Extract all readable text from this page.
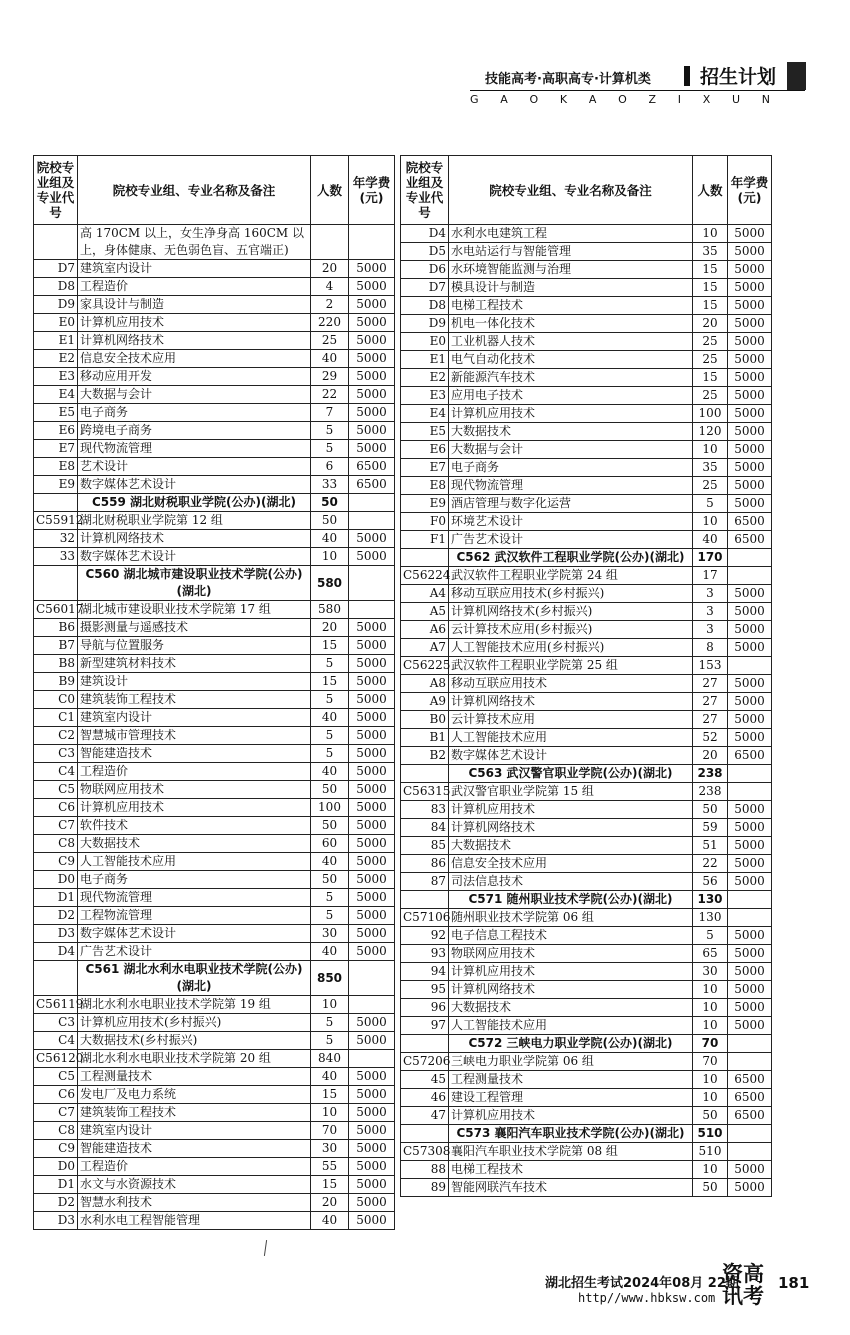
技能高考·高职高专·计算机类	招生计划
G A O K A O Z I X U N
院校专业组及专业代号	院校专业组、专业名称及备注	人数	年学费(元)
	高 170CM 以上，女生净身高 160CM 以上，身体健康、无色弱色盲、五官端正)		
D7	建筑室内设计	20	5000
D8	工程造价	4	5000
D9	家具设计与制造	2	5000
E0	计算机应用技术	220	5000
E1	计算机网络技术	25	5000
E2	信息安全技术应用	40	5000
E3	移动应用开发	29	5000
E4	大数据与会计	22	5000
E5	电子商务	7	5000
E6	跨境电子商务	5	5000
E7	现代物流管理	5	5000
E8	艺术设计	6	6500
E9	数字媒体艺术设计	33	6500
	C559 湖北财税职业学院(公办)(湖北)	50	
C55912	湖北财税职业学院第 12 组	50	
32	计算机网络技术	40	5000
33	数字媒体艺术设计	10	5000
	C560 湖北城市建设职业技术学院(公办)(湖北)	580	
C56017	湖北城市建设职业技术学院第 17 组	580	
B6	摄影测量与遥感技术	20	5000
B7	导航与位置服务	15	5000
B8	新型建筑材料技术	5	5000
B9	建筑设计	15	5000
C0	建筑装饰工程技术	5	5000
C1	建筑室内设计	40	5000
C2	智慧城市管理技术	5	5000
C3	智能建造技术	5	5000
C4	工程造价	40	5000
C5	物联网应用技术	50	5000
C6	计算机应用技术	100	5000
C7	软件技术	50	5000
C8	大数据技术	60	5000
C9	人工智能技术应用	40	5000
D0	电子商务	50	5000
D1	现代物流管理	5	5000
D2	工程物流管理	5	5000
D3	数字媒体艺术设计	30	5000
D4	广告艺术设计	40	5000
	C561 湖北水利水电职业技术学院(公办)(湖北)	850	
C56119	湖北水利水电职业技术学院第 19 组	10	
C3	计算机应用技术(乡村振兴)	5	5000
C4	大数据技术(乡村振兴)	5	5000
C56120	湖北水利水电职业技术学院第 20 组	840	
C5	工程测量技术	40	5000
C6	发电厂及电力系统	15	5000
C7	建筑装饰工程技术	10	5000
C8	建筑室内设计	70	5000
C9	智能建造技术	30	5000
D0	工程造价	55	5000
D1	水文与水资源技术	15	5000
D2	智慧水利技术	20	5000
D3	水利水电工程智能管理	40	5000
院校专业组及专业代号	院校专业组、专业名称及备注	人数	年学费(元)
D4	水利水电建筑工程	10	5000
D5	水电站运行与智能管理	35	5000
D6	水环境智能监测与治理	15	5000
D7	模具设计与制造	15	5000
D8	电梯工程技术	15	5000
D9	机电一体化技术	20	5000
E0	工业机器人技术	25	5000
E1	电气自动化技术	25	5000
E2	新能源汽车技术	15	5000
E3	应用电子技术	25	5000
E4	计算机应用技术	100	5000
E5	大数据技术	120	5000
E6	大数据与会计	10	5000
E7	电子商务	35	5000
E8	现代物流管理	25	5000
E9	酒店管理与数字化运营	5	5000
F0	环境艺术设计	10	6500
F1	广告艺术设计	40	6500
	C562 武汉软件工程职业学院(公办)(湖北)	170	
C56224	武汉软件工程职业学院第 24 组	17	
A4	移动互联应用技术(乡村振兴)	3	5000
A5	计算机网络技术(乡村振兴)	3	5000
A6	云计算技术应用(乡村振兴)	3	5000
A7	人工智能技术应用(乡村振兴)	8	5000
C56225	武汉软件工程职业学院第 25 组	153	
A8	移动互联应用技术	27	5000
A9	计算机网络技术	27	5000
B0	云计算技术应用	27	5000
B1	人工智能技术应用	52	5000
B2	数字媒体艺术设计	20	6500
	C563 武汉警官职业学院(公办)(湖北)	238	
C56315	武汉警官职业学院第 15 组	238	
83	计算机应用技术	50	5000
84	计算机网络技术	59	5000
85	大数据技术	51	5000
86	信息安全技术应用	22	5000
87	司法信息技术	56	5000
	C571 随州职业技术学院(公办)(湖北)	130	
C57106	随州职业技术学院第 06 组	130	
92	电子信息工程技术	5	5000
93	物联网应用技术	65	5000
94	计算机应用技术	30	5000
95	计算机网络技术	10	5000
96	大数据技术	10	5000
97	人工智能技术应用	10	5000
	C572 三峡电力职业学院(公办)(湖北)	70	
C57206	三峡电力职业学院第 06 组	70	
45	工程测量技术	10	6500
46	建设工程管理	10	6500
47	计算机应用技术	50	6500
	C573 襄阳汽车职业技术学院(公办)(湖北)	510	
C57308	襄阳汽车职业技术学院第 08 组	510	
88	电梯工程技术	10	5000
89	智能网联汽车技术	50	5000
湖北招生考试2024年08月 22期
http//www.hbksw.com
资高讯考 181
